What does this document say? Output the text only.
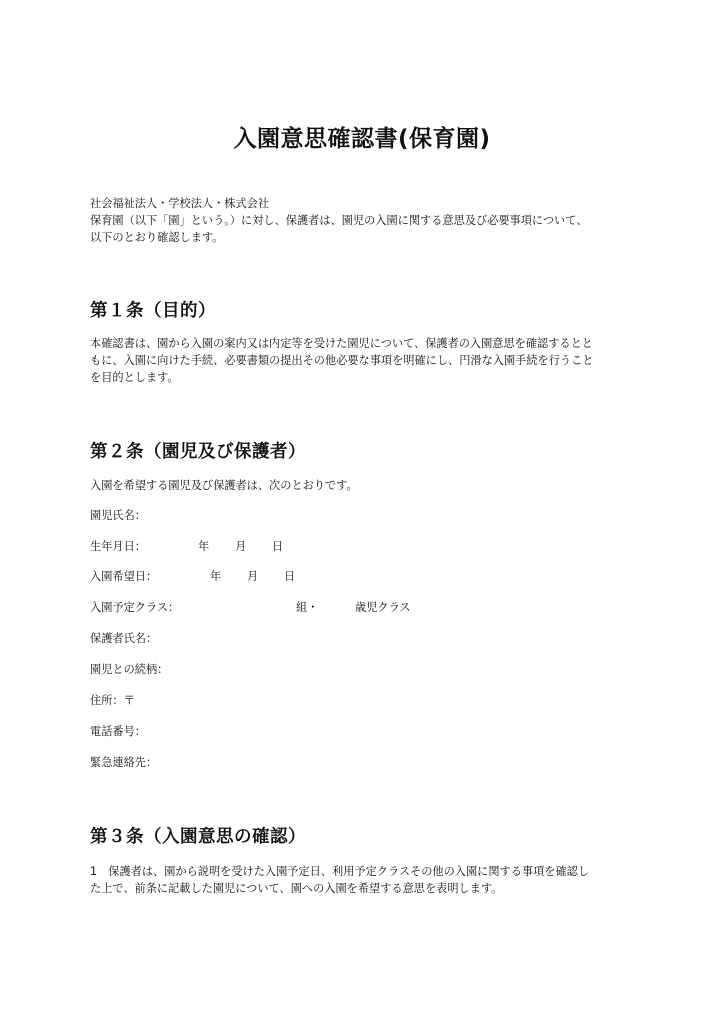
入園意思確認書(保育園)
社会福祉法人・学校法人・株式会社
保育園（以下「園」という。）に対し、保護者は、園児の入園に関する意思及び必要事項について、
以下のとおり確認します。
第１条（目的）
本確認書は、園から入園の案内又は内定等を受けた園児について、保護者の入園意思を確認するとと
もに、入園に向けた手続、必要書類の提出その他必要な事項を明確にし、円滑な入園手続を行うこと
を目的とします。
第２条（園児及び保護者）
入園を希望する園児及び保護者は、次のとおりです。
園児氏名：
生年月日：	年 月 日
入園希望日：	年 月 日
入園予定クラス：	組・	歳児クラス
保護者氏名：
園児との続柄：
住所：〒
電話番号：
緊急連絡先：
第３条（入園意思の確認）
1　保護者は、園から説明を受けた入園予定日、利用予定クラスその他の入園に関する事項を確認し
た上で、前条に記載した園児について、園への入園を希望する意思を表明します。
